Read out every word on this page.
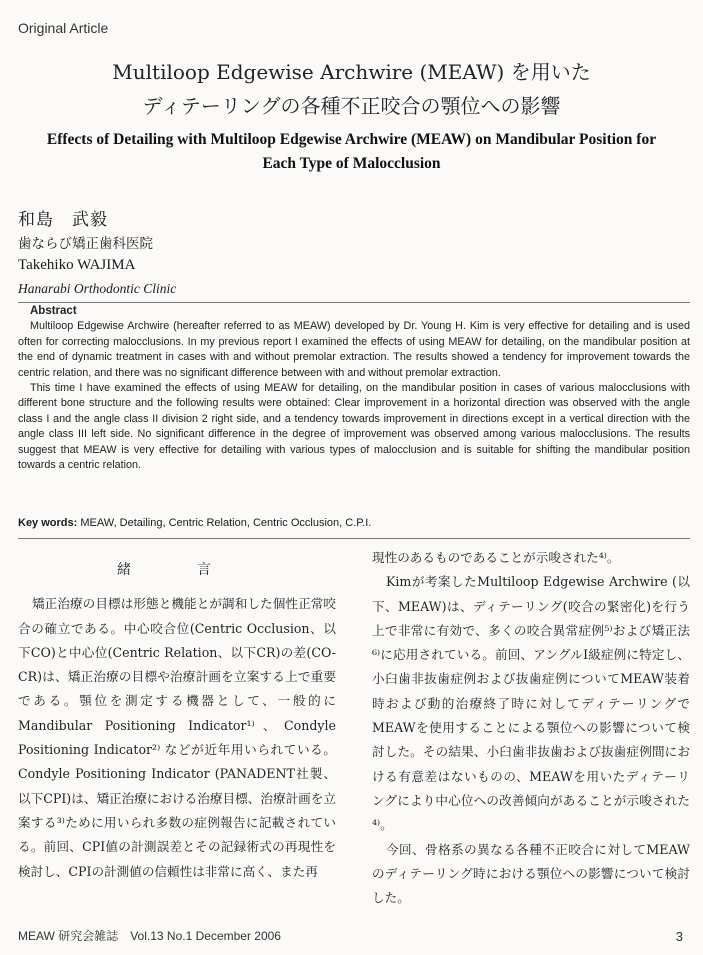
Original Article
Multiloop Edgewise Archwire (MEAW) を用いた
ディテーリングの各種不正咬合の顎位への影響
Effects of Detailing with Multiloop Edgewise Archwire (MEAW) on Mandibular Position for
Each Type of Malocclusion
和島　武毅
歯ならび矯正歯科医院
Takehiko WAJIMA
Hanarabi Orthodontic Clinic
Abstract

Multiloop Edgewise Archwire (hereafter referred to as MEAW) developed by Dr. Young H. Kim is very effective for detailing and is used often for correcting malocclusions. In my previous report I examined the effects of using MEAW for detailing, on the mandibular position at the end of dynamic treatment in cases with and without premolar extraction. The results showed a tendency for improvement towards the centric relation, and there was no significant difference between with and without premolar extraction.

This time I have examined the effects of using MEAW for detailing, on the mandibular position in cases of various malocclusions with different bone structure and the following results were obtained: Clear improvement in a horizontal direction was observed with the angle class I and the angle class II division 2 right side, and a tendency towards improvement in directions except in a vertical direction with the angle class III left side. No significant difference in the degree of improvement was observed among various malocclusions. The results suggest that MEAW is very effective for detailing with various types of malocclusion and is suitable for shifting the mandibular position towards a centric relation.

Key words: MEAW, Detailing, Centric Relation, Centric Occlusion, C.P.I.
緒　言

矯正治療の目標は形態と機能とが調和した個性正常咬合の確立である。中心咬合位(Centric Occlusion、以下CO)と中心位(Centric Relation、以下CR)の差(CO-CR)は、矯正治療の目標や治療計画を立案する上で重要である。顎位を測定する機器として、一般的にMandibular Positioning Indicator¹⁾、Condyle Positioning Indicator²⁾ などが近年用いられている。Condyle Positioning Indicator (PANADENT社製、以下CPI)は、矯正治療における治療目標、治療計画を立案する³⁾ために用いられ多数の症例報告に記載されている。前回、CPI値の計測誤差とその記録術式の再現性を検討し、CPIの計測値の信頼性は非常に高く、また再

現性のあるものであることが示唆された⁴⁾。

Kimが考案したMultiloop Edgewise Archwire (以下、MEAW)は、ディテーリング(咬合の緊密化)を行う上で非常に有効で、多くの咬合異常症例⁵⁾および矯正法⁶⁾に応用されている。前回、アングルⅠ級症例に特定し、小臼歯非抜歯症例および抜歯症例についてMEAW装着時および動的治療終了時に対してディテーリングでMEAWを使用することによる顎位への影響について検討した。その結果、小臼歯非抜歯および抜歯症例間における有意差はないものの、MEAWを用いたディテーリングにより中心位への改善傾向があることが示唆された⁴⁾。

今回、骨格系の異なる各種不正咬合に対してMEAWのディテーリング時における顎位への影響について検討した。

MEAW 研究会雑誌　Vol.13 No.1 December 2006	3
